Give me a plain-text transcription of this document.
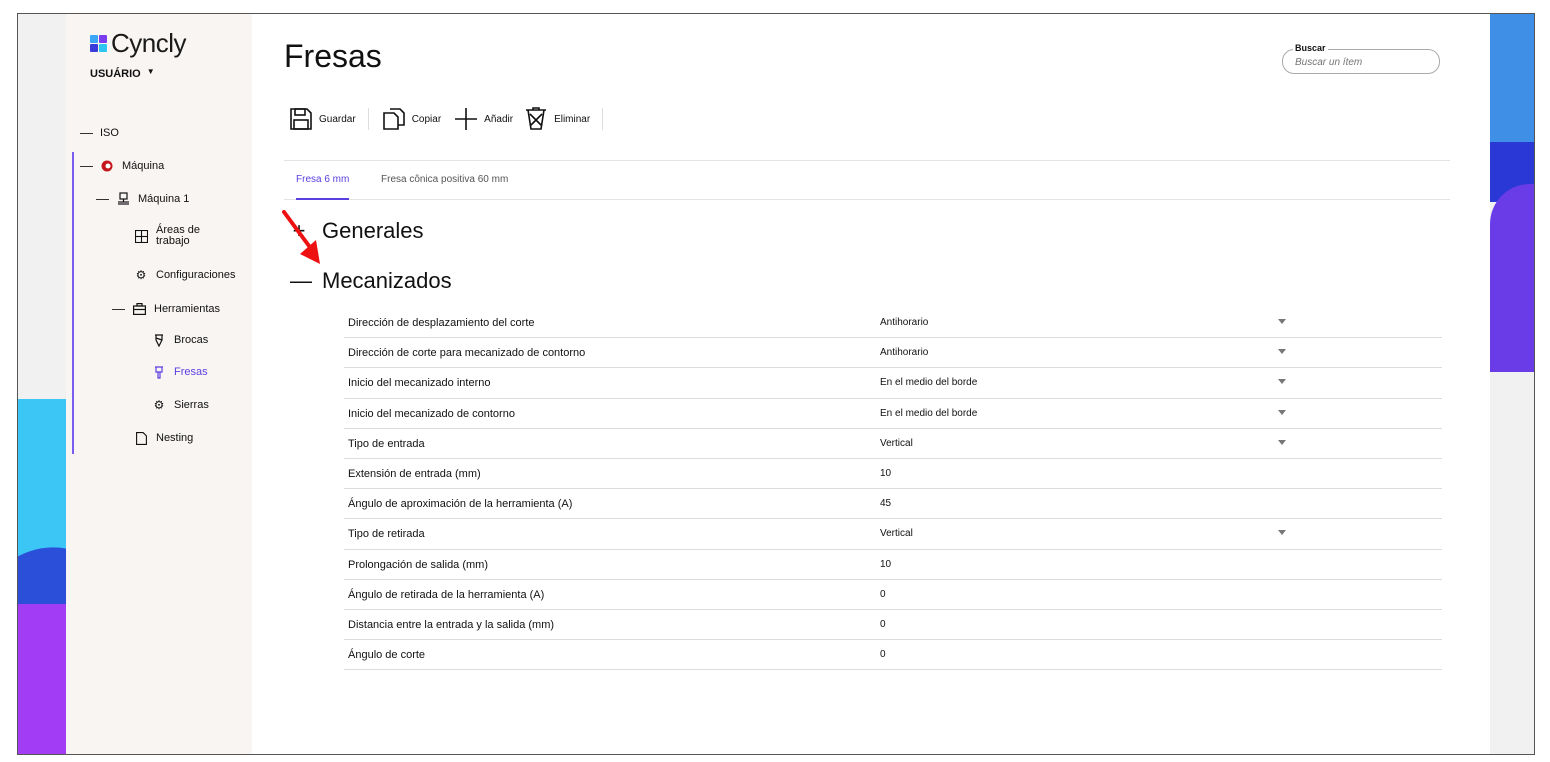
Cyncly
USUÁRIO ▼
— ISO
—	Máquina
—	Máquina 1
Áreas de trabajo
⚙ Configuraciones
—	Herramientas
Brocas
Fresas
⚙ Sierras
Nesting
Fresas	Buscar
Buscar un ítem
Guardar	Copiar	Añadir	Eliminar
Fresa 6 mm	Fresa cônica positiva 60 mm
+ Generales
— Mecanizados
Dirección de desplazamiento del corte	Antihorario
Dirección de corte para mecanizado de contorno	Antihorario
Inicio del mecanizado interno	En el medio del borde
Inicio del mecanizado de contorno	En el medio del borde
Tipo de entrada	Vertical
Extensión de entrada (mm)	10
Ángulo de aproximación de la herramienta (A)	45
Tipo de retirada	Vertical
Prolongación de salida (mm)	10
Ángulo de retirada de la herramienta (A)	0
Distancia entre la entrada y la salida (mm)	0
Ángulo de corte	0
